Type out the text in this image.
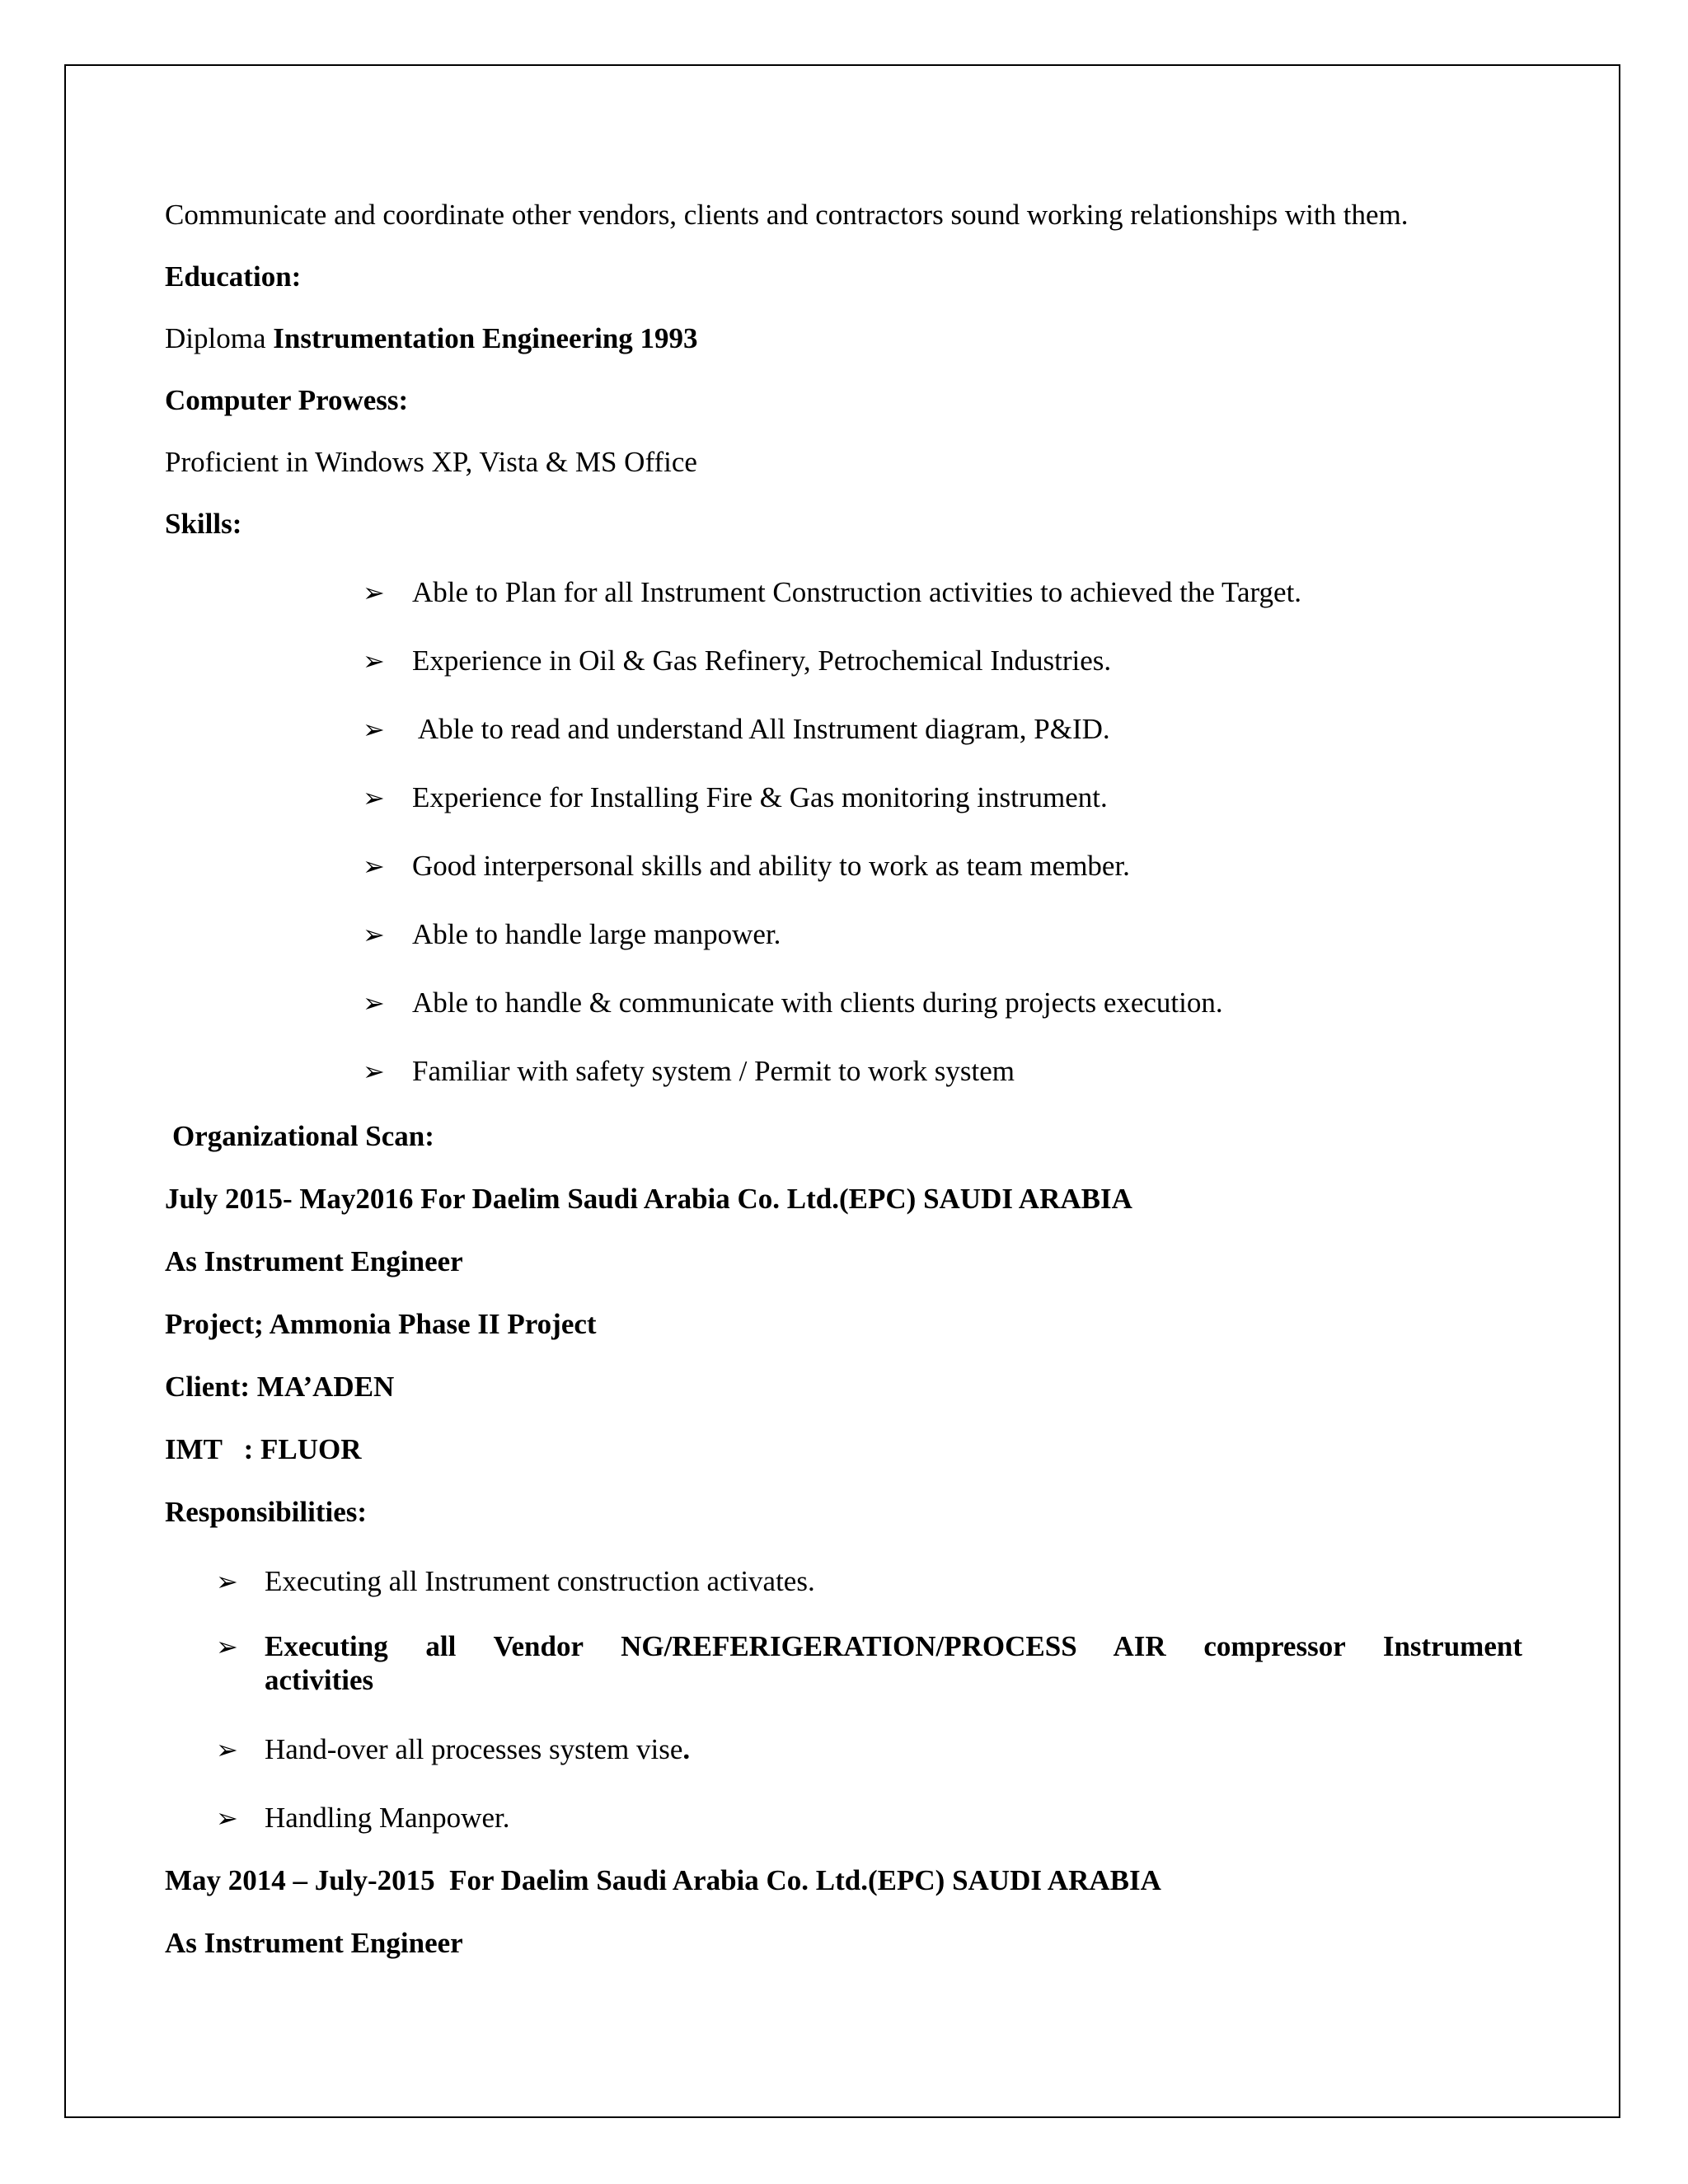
Communicate and coordinate other vendors, clients and contractors sound working relationships with them.
Education:
Diploma Instrumentation Engineering 1993
Computer Prowess:
Proficient in Windows XP, Vista & MS Office
Skills:
➢ Able to Plan for all Instrument Construction activities to achieved the Target.
➢ Experience in Oil & Gas Refinery, Petrochemical Industries.
➢ Able to read and understand All Instrument diagram, P&ID.
➢ Experience for Installing Fire & Gas monitoring instrument.
➢ Good interpersonal skills and ability to work as team member.
➢ Able to handle large manpower.
➢ Able to handle & communicate with clients during projects execution.
➢ Familiar with safety system / Permit to work system
Organizational Scan:
July 2015- May2016 For Daelim Saudi Arabia Co. Ltd.(EPC) SAUDI ARABIA
As Instrument Engineer
Project; Ammonia Phase II Project
Client: MA’ADEN
IMT   : FLUOR
Responsibilities:
➢ Executing all Instrument construction activates.
➢ Executing all Vendor NG/REFERIGERATION/PROCESS AIR compressor Instrument
activities
➢ Hand-over all processes system vise.
➢ Handling Manpower.
May 2014 – July-2015  For Daelim Saudi Arabia Co. Ltd.(EPC) SAUDI ARABIA
As Instrument Engineer
